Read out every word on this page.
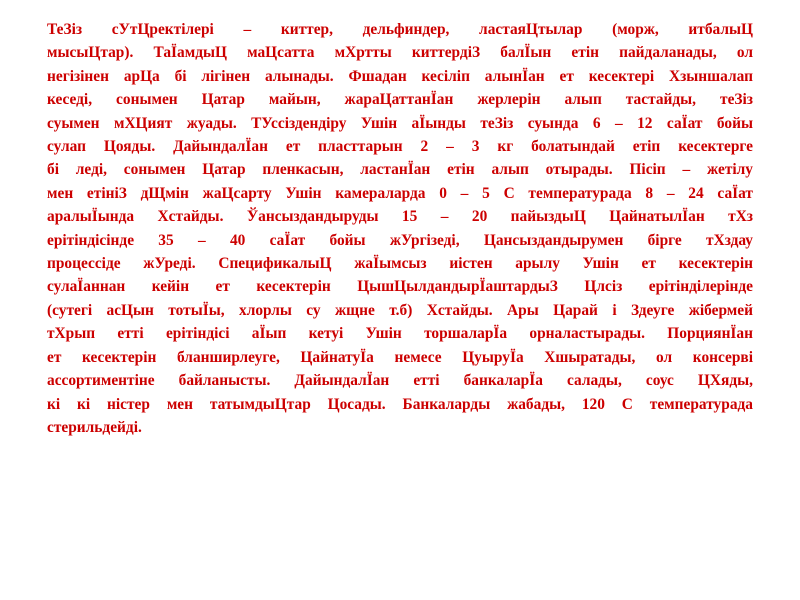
ТеЗіз сУтЦректілері – киттер, дельфиндер, ластаяЦтылар (морж, итбалыЦ
мысыЦтар). ТаЇамдыЦ маЦсатта мХртты киттердіЗ балЇын етін пайдаланады, ол
негізінен арЦа бі лігінен алынады. Фшадан кесіліп алынЇан ет кесектері Хзыншалап
кеседі, сонымен Цатар майын, жараЦаттанЇан жерлерін алып тастайды, теЗіз
суымен мХЦият жуады. ТУссіздендіру Ушін аЇынды теЗіз суында 6 – 12 саЇат бойы
сулап Цояды. ДайындалЇан ет пласттарын 2 – 3 кг болатындай етіп кесектерге
бі леді, сонымен Цатар пленкасын, ластанЇан етін алып отырады. Пісіп – жетілу
мен етініЗ дЩмін жаЦсарту Ушін камераларда 0 – 5 С температурада 8 – 24 саЇат
аралыЇында Хстайды. Ўансыздандыруды 15 – 20 пайыздыЦ ЦайнатылЇан тХз
ерітіндісінде 35 – 40 саЇат бойы жУргізеді, Цансыздандырумен бірге тХздау
процессіде жУреді. СпецификалыЦ жаЇымсыз иістен арылу Ушін ет кесектерін
сулаЇаннан кейін ет кесектерін ЦышЦылдандырЇаштардыЗ Цлсіз ерітінділерінде
(сутегі асЦын тотыЇы, хлорлы су жщне т.б) Хстайды. Ары Царай і Здеуге жібермей
тХрып етті ерітіндісі аЇып кетуі Ушін торшаларЇа орналастырады. ПорциянЇан
ет кесектерін бланширлеуге, ЦайнатуЇа немесе ЦуыруЇа Хшыратады, ол консерві
ассортиментіне байланысты. ДайындалЇан етті банкаларЇа салады, соус ЦХяды,
кі кі ністер мен татымдыЦтар Цосады. Банкаларды жабады, 120 С температурада
стерильдейді.
